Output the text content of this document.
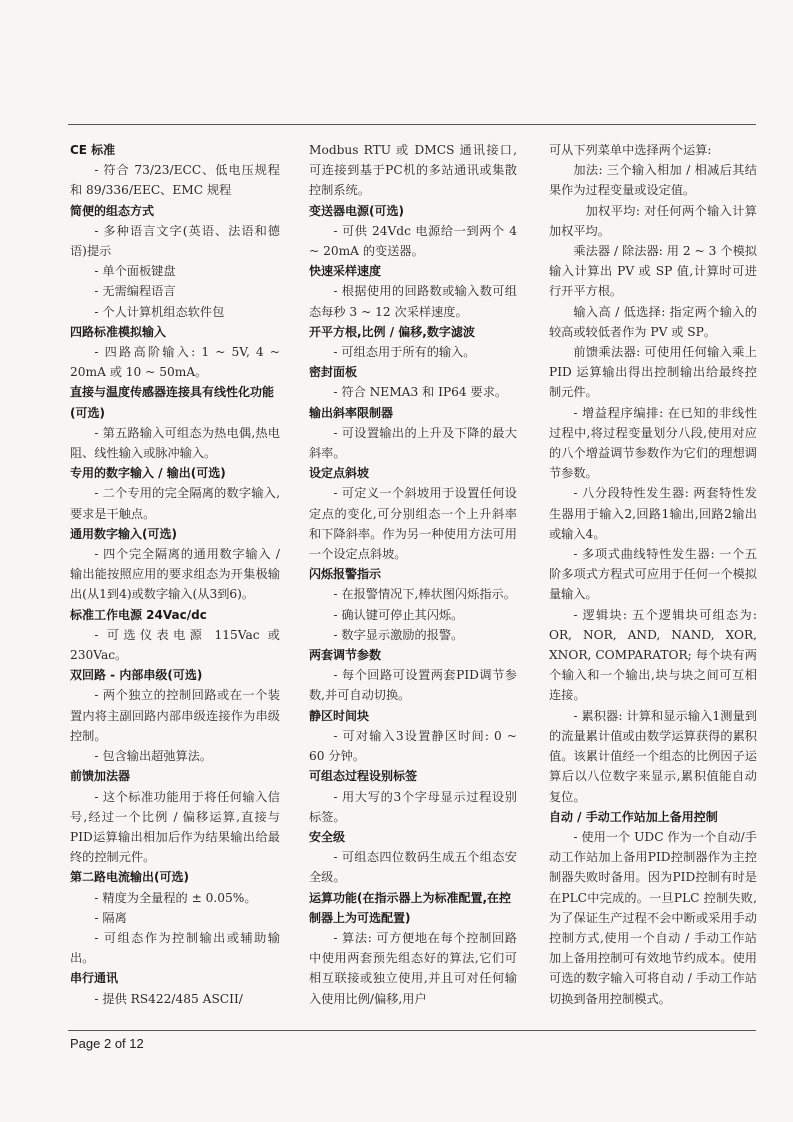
CE 标准
- 符合 73/23/ECC、低电压规程和 89/336/EEC、EMC 规程
简便的组态方式
- 多种语言文字(英语、法语和德语)提示
- 单个面板键盘
- 无需编程语言
- 个人计算机组态软件包
四路标准模拟输入
- 四路高阶输入: 1 ~ 5V, 4 ~ 20mA 或 10 ~ 50mA。
直接与温度传感器连接具有线性化功能(可选)
- 第五路输入可组态为热电偶,热电阻、线性输入或脉冲输入。
专用的数字输入 / 输出(可选)
- 二个专用的完全隔离的数字输入,要求是干触点。
通用数字输入(可选)
- 四个完全隔离的通用数字输入 / 输出能按照应用的要求组态为开集极输出(从1到4)或数字输入(从3到6)。
标准工作电源 24Vac/dc
- 可选仪表电源 115Vac 或 230Vac。
双回路 - 内部串级(可选)
- 两个独立的控制回路或在一个装置内将主副回路内部串级连接作为串级控制。
- 包含输出超弛算法。
前馈加法器
- 这个标准功能用于将任何输入信号,经过一个比例 / 偏移运算,直接与PID运算输出相加后作为结果输出给最终的控制元件。
第二路电流输出(可选)
- 精度为全量程的 ± 0.05%。
- 隔离
- 可组态作为控制输出或辅助输出。
串行通讯
- 提供 RS422/485 ASCII/
Modbus RTU 或 DMCS 通讯接口,可连接到基于PC机的多站通讯或集散控制系统。
变送器电源(可选)
- 可供 24Vdc 电源给一到两个 4 ~ 20mA 的变送器。
快速采样速度
- 根据使用的回路数或输入数可组态每秒 3 ~ 12 次采样速度。
开平方根,比例 / 偏移,数字滤波
- 可组态用于所有的输入。
密封面板
- 符合 NEMA3 和 IP64 要求。
输出斜率限制器
- 可设置输出的上升及下降的最大斜率。
设定点斜坡
- 可定义一个斜坡用于设置任何设定点的变化,可分别组态一个上升斜率和下降斜率。作为另一种使用方法可用一个设定点斜坡。
闪烁报警指示
- 在报警情况下,棒状图闪烁指示。
- 确认键可停止其闪烁。
- 数字显示激励的报警。
两套调节参数
- 每个回路可设置两套PID调节参数,并可自动切换。
静区时间块
- 可对输入3设置静区时间: 0 ~ 60 分钟。
可组态过程设别标签
- 用大写的3个字母显示过程设别标签。
安全级
- 可组态四位数码生成五个组态安全级。
运算功能(在指示器上为标准配置,在控制器上为可选配置)
- 算法: 可方便地在每个控制回路中使用两套预先组态好的算法,它们可相互联接或独立使用,并且可对任何输入使用比例/偏移,用户
可从下列菜单中选择两个运算:
加法: 三个输入相加 / 相减后其结果作为过程变量或设定值。
加权平均: 对任何两个输入计算加权平均。
乘法器 / 除法器: 用 2 ~ 3 个模拟输入计算出 PV 或 SP 值,计算时可进行开平方根。
输入高 / 低选择: 指定两个输入的较高或较低者作为 PV 或 SP。
前馈乘法器: 可使用任何输入乘上 PID 运算输出得出控制输出给最终控制元件。
- 增益程序编排: 在已知的非线性过程中,将过程变量划分八段,使用对应的八个增益调节参数作为它们的理想调节参数。
- 八分段特性发生器: 两套特性发生器用于输入2,回路1输出,回路2输出或输入4。
- 多项式曲线特性发生器: 一个五阶多项式方程式可应用于任何一个模拟量输入。
- 逻辑块: 五个逻辑块可组态为: OR, NOR, AND, NAND, XOR, XNOR, COMPARATOR; 每个块有两个输入和一个输出,块与块之间可互相连接。
- 累积器: 计算和显示输入1测量到的流量累计值或由数学运算获得的累积值。该累计值经一个组态的比例因子运算后以八位数字来显示,累积值能自动复位。
自动 / 手动工作站加上备用控制
- 使用一个 UDC 作为一个自动/手动工作站加上备用PID控制器作为主控制器失败时备用。因为PID控制有时是在PLC中完成的。一旦PLC 控制失败,为了保证生产过程不会中断或采用手动控制方式,使用一个自动 / 手动工作站加上备用控制可有效地节约成本。使用可选的数字输入可将自动 / 手动工作站切换到备用控制模式。
Page 2 of 12
